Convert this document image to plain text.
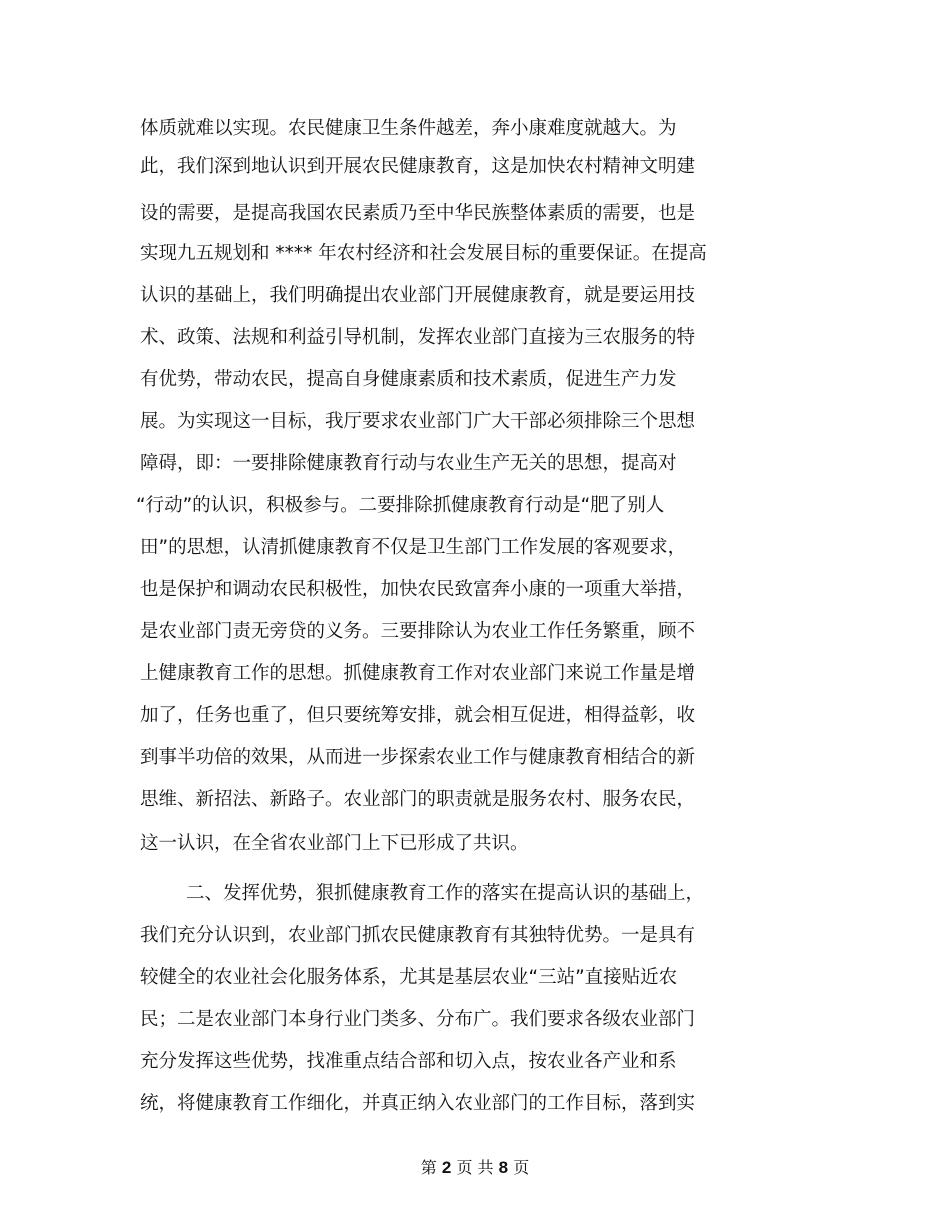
体质就难以实现。农民健康卫生条件越差，奔小康难度就越大。为
此，我们深到地认识到开展农民健康教育，这是加快农村精神文明建
设的需要，是提高我国农民素质乃至中华民族整体素质的需要，也是
实现九五规划和 **** 年农村经济和社会发展目标的重要保证。在提高
认识的基础上，我们明确提出农业部门开展健康教育，就是要运用技
术、政策、法规和利益引导机制，发挥农业部门直接为三农服务的特
有优势，带动农民，提高自身健康素质和技术素质，促进生产力发
展。为实现这一目标，我厅要求农业部门广大干部必须排除三个思想
障碍，即：一要排除健康教育行动与农业生产无关的思想，提高对
“行动”的认识，积极参与。二要排除抓健康教育行动是“肥了别人
田”的思想，认清抓健康教育不仅是卫生部门工作发展的客观要求，
也是保护和调动农民积极性，加快农民致富奔小康的一项重大举措，
是农业部门责无旁贷的义务。三要排除认为农业工作任务繁重，顾不
上健康教育工作的思想。抓健康教育工作对农业部门来说工作量是增
加了，任务也重了，但只要统筹安排，就会相互促进，相得益彰，收
到事半功倍的效果，从而进一步探索农业工作与健康教育相结合的新
思维、新招法、新路子。农业部门的职责就是服务农村、服务农民，
这一认识，在全省农业部门上下已形成了共识。
二、发挥优势，狠抓健康教育工作的落实在提高认识的基础上，
我们充分认识到，农业部门抓农民健康教育有其独特优势。一是具有
较健全的农业社会化服务体系，尤其是基层农业“三站”直接贴近农
民；二是农业部门本身行业门类多、分布广。我们要求各级农业部门
充分发挥这些优势，找准重点结合部和切入点，按农业各产业和系
统，将健康教育工作细化，并真正纳入农业部门的工作目标，落到实
第 2 页 共 8 页
